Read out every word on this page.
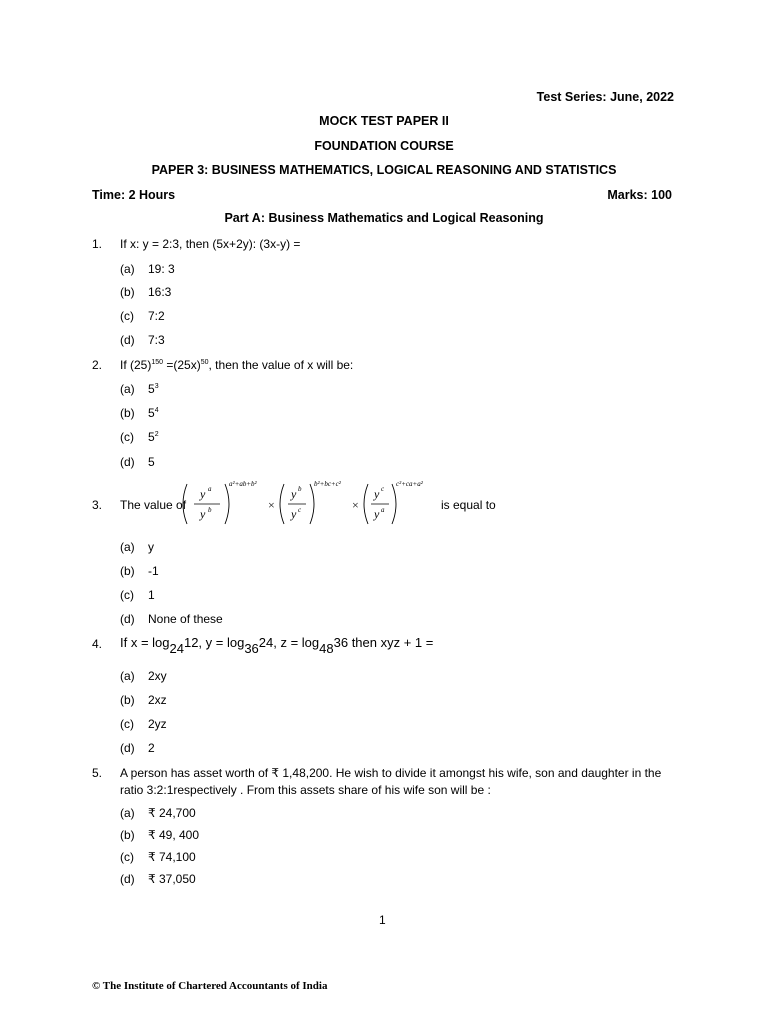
Test Series: June, 2022
MOCK TEST PAPER II
FOUNDATION COURSE
PAPER 3: BUSINESS MATHEMATICS, LOGICAL REASONING AND STATISTICS
Time: 2 Hours	Marks: 100
Part A: Business Mathematics and Logical Reasoning
1. If x: y = 2:3, then (5x+2y): (3x-y) =
(a) 19: 3
(b) 16:3
(c) 7:2
(d) 7:3
2. If $(25)^{150} =(25x)^{50}$, then the value of x will be:
(a) $5^3$
(b) $5^4$
(c) $5^2$
(d) 5
3. The value of
y a
y b
a²+ab+b²
×
y b
y c
b²+bc+c²
×
y c
y a
c²+ca+a²
is equal to
(a) y
(b) -1
(c) 1
(d) None of these
4. If $x = \log_{24}12$, $y = \log_{36}24$, $z = \log_{48}36$ then xyz + 1 =
(a) 2xy
(b) 2xz
(c) 2yz
(d) 2
5. A person has asset worth of ₹ 1,48,200. He wish to divide it amongst his wife, son and daughter in the
ratio 3:2:1respectively . From this assets share of his wife son will be :
(a) ₹ 24,700
(b) ₹ 49, 400
(c) ₹ 74,100
(d) ₹ 37,050
1
© The Institute of Chartered Accountants of India
